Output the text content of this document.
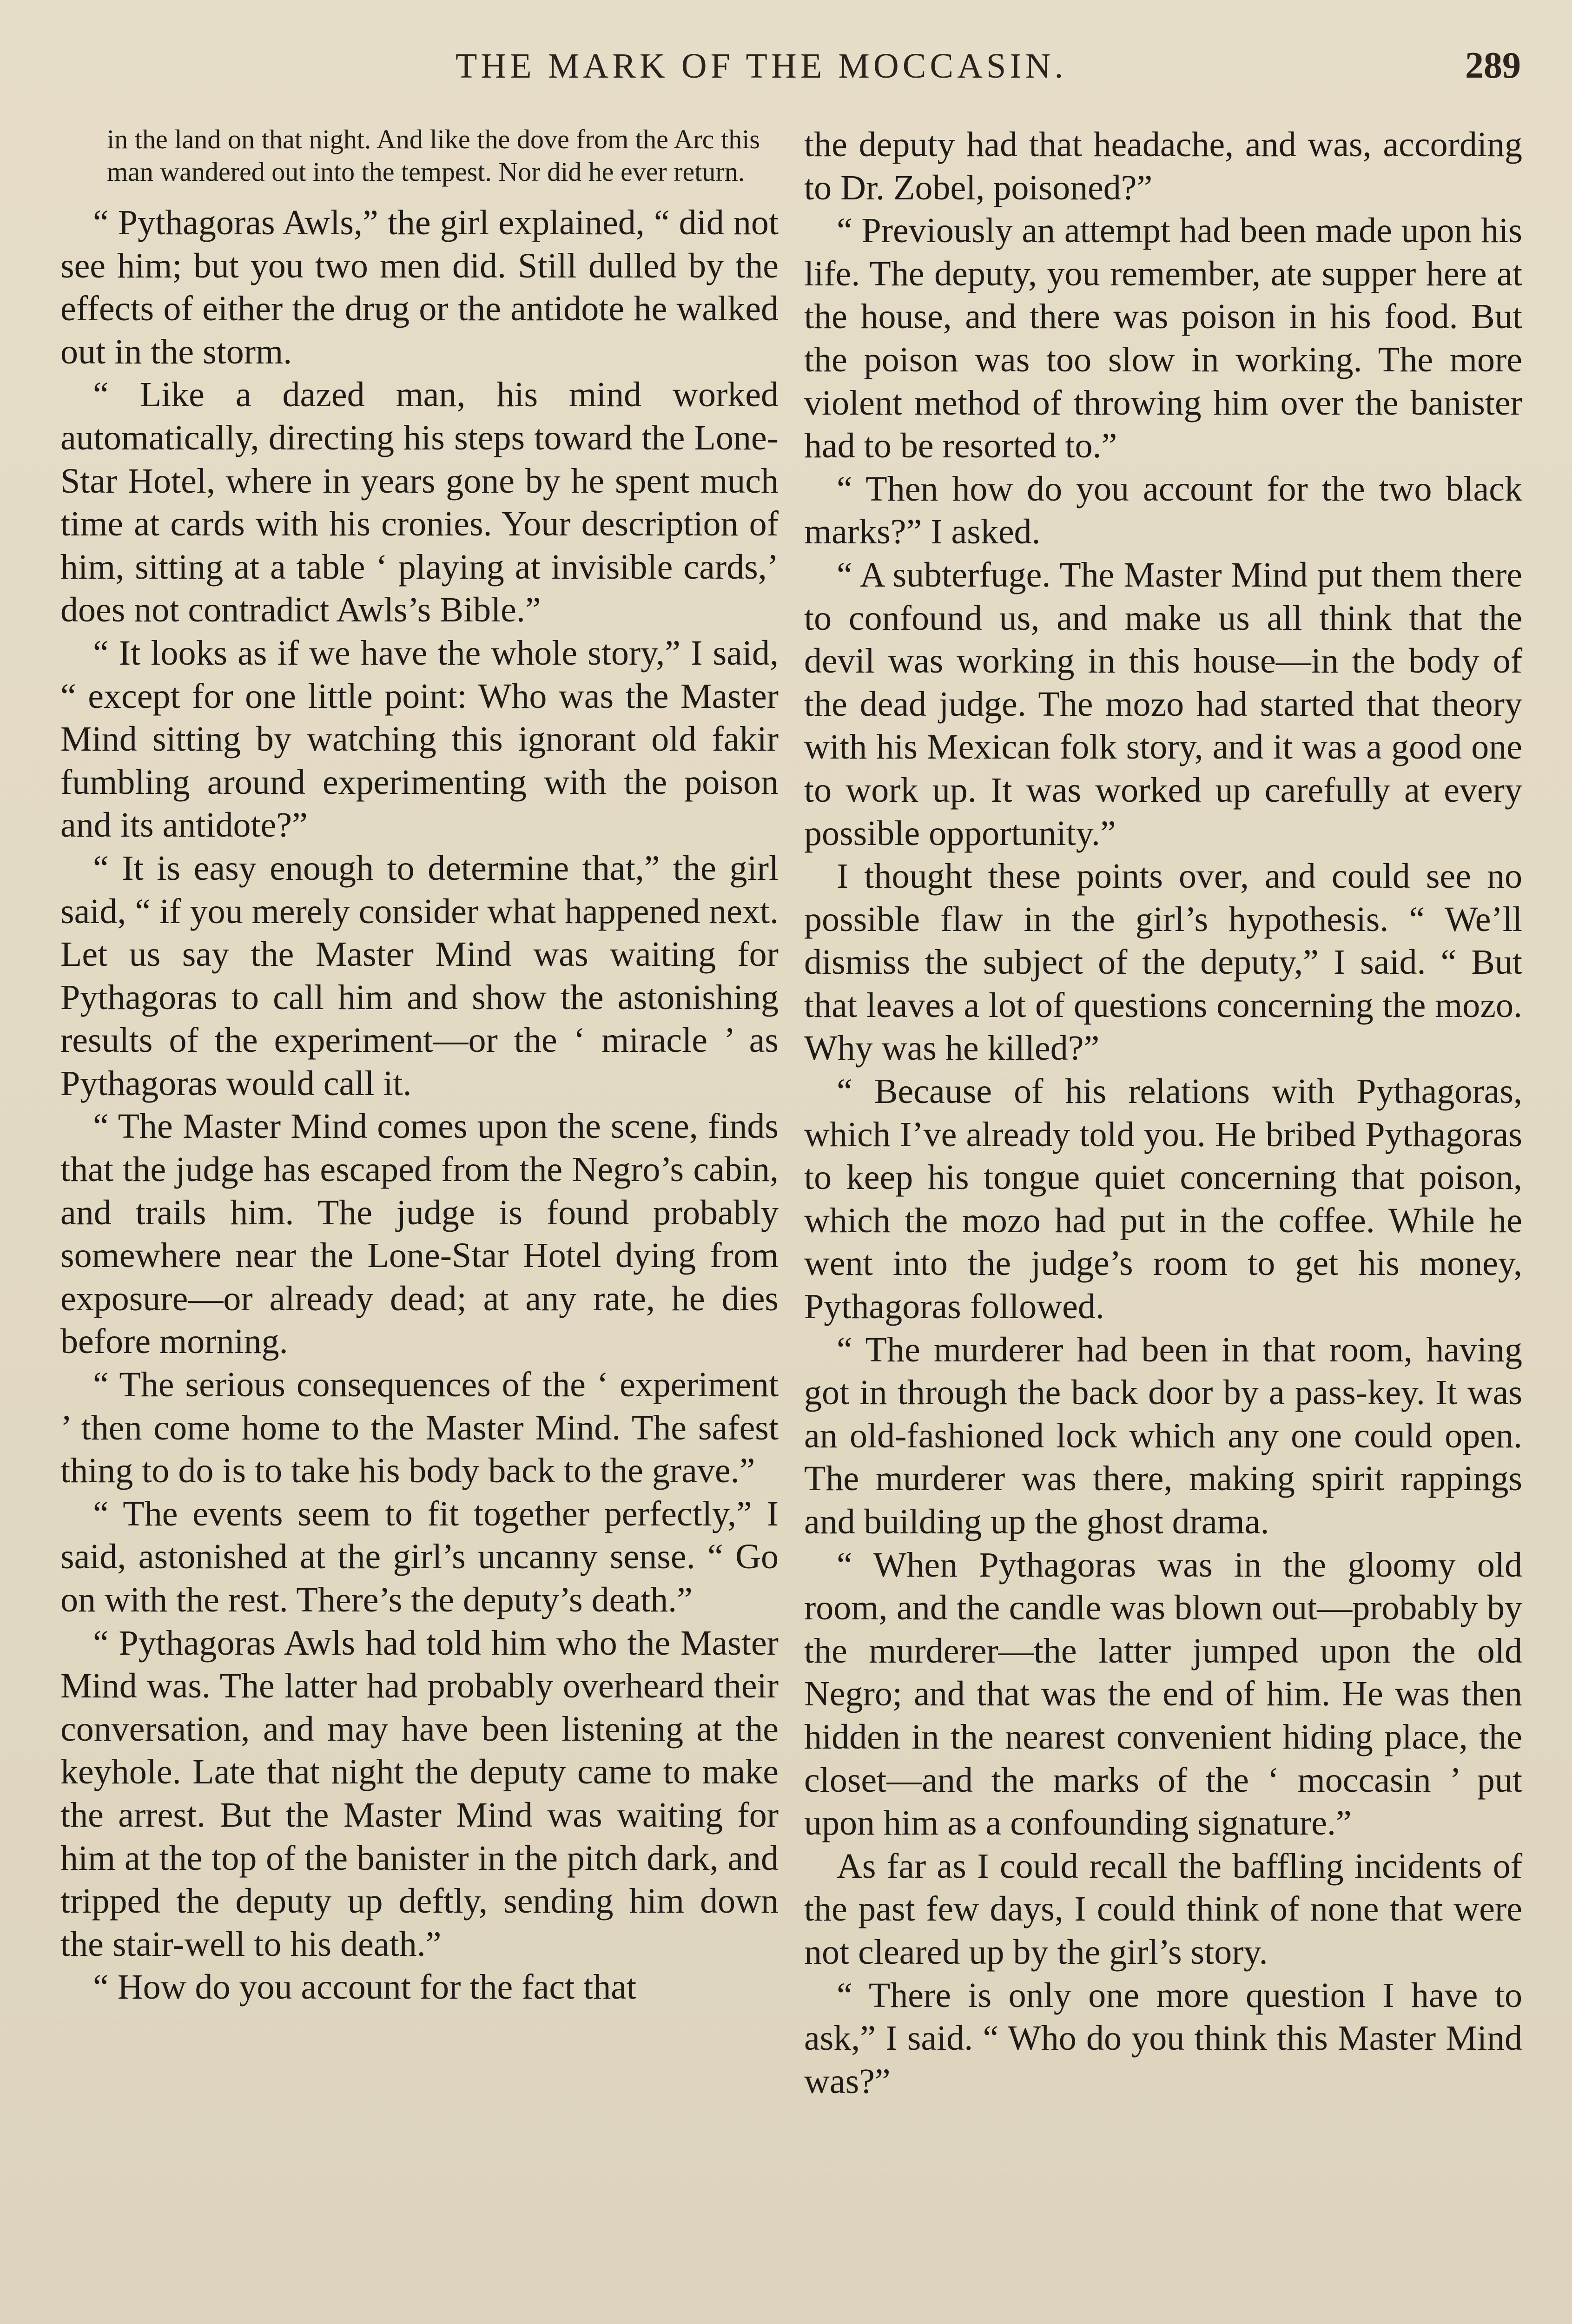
THE MARK OF THE MOCCASIN.	289

in the land on that night. And like the dove from the Arc this man wandered out into the tempest. Nor did he ever return.

“ Pythagoras Awls,” the girl explained, “ did not see him; but you two men did. Still dulled by the effects of either the drug or the antidote he walked out in the storm.

“ Like a dazed man, his mind worked automatically, directing his steps toward the Lone-Star Hotel, where in years gone by he spent much time at cards with his cronies. Your description of him, sitting at a table ‘ playing at invisible cards,’ does not contradict Awls’s Bible.”

“ It looks as if we have the whole story,” I said, “ except for one little point: Who was the Master Mind sitting by watching this ignorant old fakir fumbling around experimenting with the poison and its antidote?”

“ It is easy enough to determine that,” the girl said, “ if you merely consider what happened next. Let us say the Master Mind was waiting for Pythagoras to call him and show the astonishing results of the experiment—or the ‘ miracle ’ as Pythagoras would call it.

“ The Master Mind comes upon the scene, finds that the judge has escaped from the Negro’s cabin, and trails him. The judge is found probably somewhere near the Lone-Star Hotel dying from exposure—or already dead; at any rate, he dies before morning.

“ The serious consequences of the ‘ experiment ’ then come home to the Master Mind. The safest thing to do is to take his body back to the grave.”

“ The events seem to fit together perfectly,” I said, astonished at the girl’s uncanny sense. “ Go on with the rest. There’s the deputy’s death.”

“ Pythagoras Awls had told him who the Master Mind was. The latter had probably overheard their conversation, and may have been listening at the keyhole. Late that night the deputy came to make the arrest. But the Master Mind was waiting for him at the top of the banister in the pitch dark, and tripped the deputy up deftly, sending him down the stair-well to his death.”

“ How do you account for the fact that

the deputy had that headache, and was, according to Dr. Zobel, poisoned?”

“ Previously an attempt had been made upon his life. The deputy, you remember, ate supper here at the house, and there was poison in his food. But the poison was too slow in working. The more violent method of throwing him over the banister had to be resorted to.”

“ Then how do you account for the two black marks?” I asked.

“ A subterfuge. The Master Mind put them there to confound us, and make us all think that the devil was working in this house—in the body of the dead judge. The mozo had started that theory with his Mexican folk story, and it was a good one to work up. It was worked up carefully at every possible opportunity.”

I thought these points over, and could see no possible flaw in the girl’s hypothesis. “ We’ll dismiss the subject of the deputy,” I said. “ But that leaves a lot of questions concerning the mozo. Why was he killed?”

“ Because of his relations with Pythagoras, which I’ve already told you. He bribed Pythagoras to keep his tongue quiet concerning that poison, which the mozo had put in the coffee. While he went into the judge’s room to get his money, Pythagoras followed.

“ The murderer had been in that room, having got in through the back door by a pass-key. It was an old-fashioned lock which any one could open. The murderer was there, making spirit rappings and building up the ghost drama.

“ When Pythagoras was in the gloomy old room, and the candle was blown out—probably by the murderer—the latter jumped upon the old Negro; and that was the end of him. He was then hidden in the nearest convenient hiding place, the closet—and the marks of the ‘ moccasin ’ put upon him as a confounding signature.”

As far as I could recall the baffling incidents of the past few days, I could think of none that were not cleared up by the girl’s story.

“ There is only one more question I have to ask,” I said. “ Who do you think this Master Mind was?”
